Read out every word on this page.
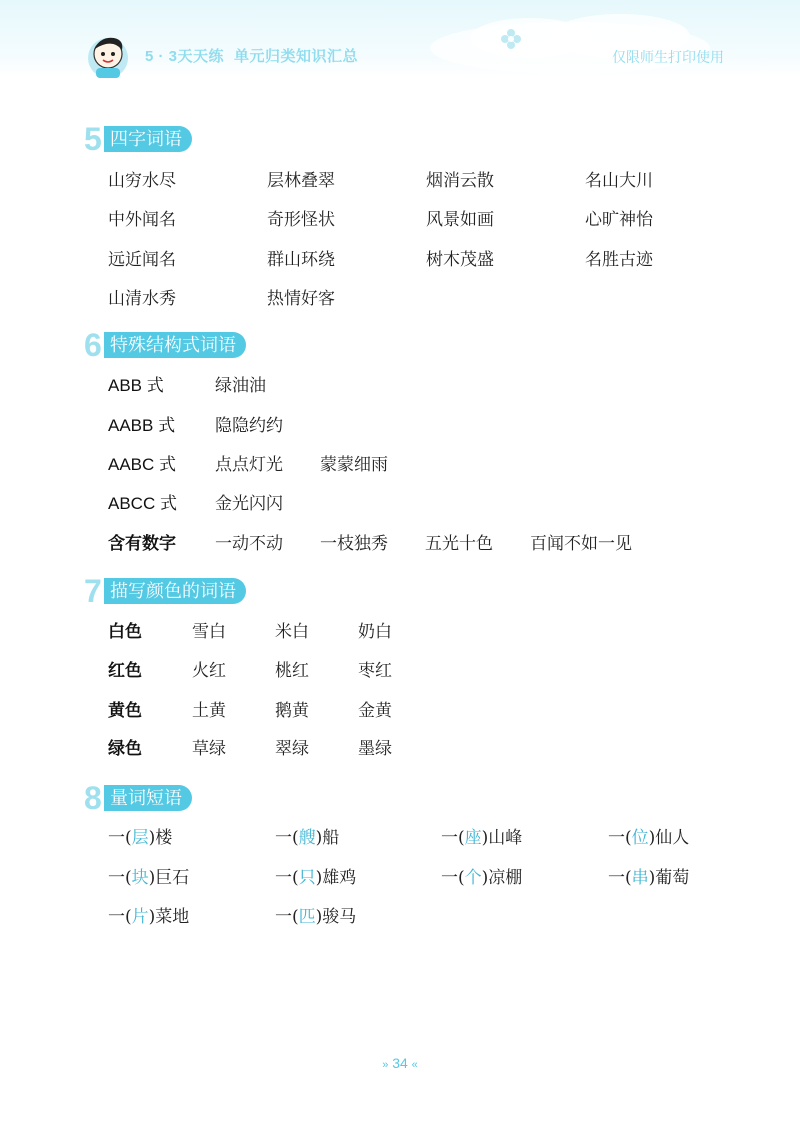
5 · 3天天练 单元归类知识汇总	仅限师生打印使用
5 四字词语
山穷水尽	层林叠翠	烟消云散	名山大川
中外闻名	奇形怪状	风景如画	心旷神怡
远近闻名	群山环绕	树木茂盛	名胜古迹
山清水秀	热情好客
6 特殊结构式词语
ABB 式	绿油油
AABB 式 隐隐约约
AABC 式 点点灯光 蒙蒙细雨
ABCC 式 金光闪闪
含有数字 一动不动 一枝独秀 五光十色 百闻不如一见
7 描写颜色的词语
白色	雪白	米白	奶白
红色	火红	桃红	枣红
黄色	土黄	鹅黄	金黄
绿色	草绿	翠绿	墨绿
8 量词短语
一(层)楼	一(艘)船	一(座)山峰	一(位)仙人
一(块)巨石	一(只)雄鸡	一(个)凉棚	一(串)葡萄
一(片)菜地	一(匹)骏马
» 34 «
